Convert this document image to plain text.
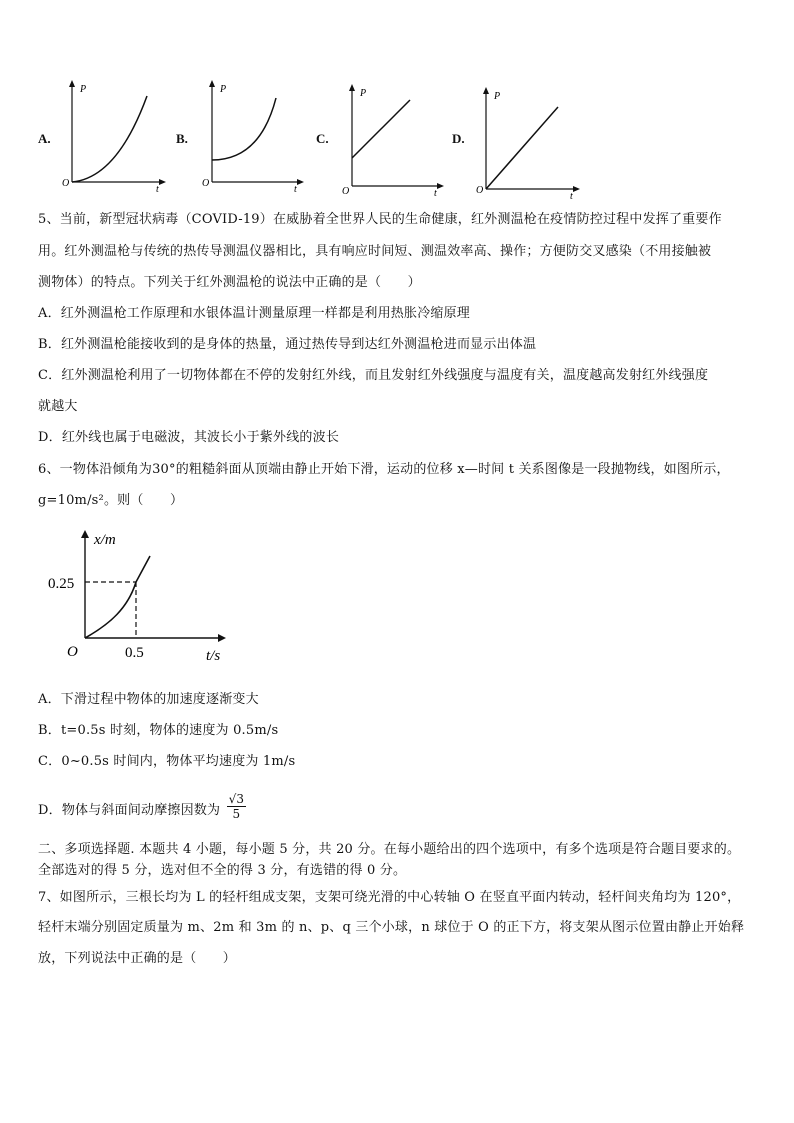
A.	B.	C.	D.
P
t
O
P
t
O
P
t
O
P
t
O
5、当前，新型冠状病毒（COVID-19）在威胁着全世界人民的生命健康，红外测温枪在疫情防控过程中发挥了重要作
用。红外测温枪与传统的热传导测温仪器相比，具有响应时间短、测温效率高、操作；方便防交叉感染（不用接触被
测物体）的特点。下列关于红外测温枪的说法中正确的是（　　）
A．红外测温枪工作原理和水银体温计测量原理一样都是利用热胀冷缩原理
B．红外测温枪能接收到的是身体的热量，通过热传导到达红外测温枪进而显示出体温
C．红外测温枪利用了一切物体都在不停的发射红外线，而且发射红外线强度与温度有关，温度越高发射红外线强度
就越大
D．红外线也属于电磁波，其波长小于紫外线的波长
6、一物体沿倾角为30°的粗糙斜面从顶端由静止开始下滑，运动的位移 x—时间 t 关系图像是一段抛物线，如图所示，
g=10m/s²。则（　　）
x/m
t/s
O
0.25
0.5
A．下滑过程中物体的加速度逐渐变大
B．t=0.5s 时刻，物体的速度为 0.5m/s
C．0~0.5s 时间内，物体平均速度为 1m/s
D．物体与斜面间动摩擦因数为 $\frac{√3}{5}$
二、多项选择题. 本题共 4 小题，每小题 5 分，共 20 分。在每小题给出的四个选项中，有多个选项是符合题目要求的。
全部选对的得 5 分，选对但不全的得 3 分，有选错的得 0 分。
7、如图所示，三根长均为 L 的轻杆组成支架，支架可绕光滑的中心转轴 O 在竖直平面内转动，轻杆间夹角均为 120°，
轻杆末端分别固定质量为 m、2m 和 3m 的 n、p、q 三个小球，n 球位于 O 的正下方，将支架从图示位置由静止开始释
放，下列说法中正确的是（　　）
